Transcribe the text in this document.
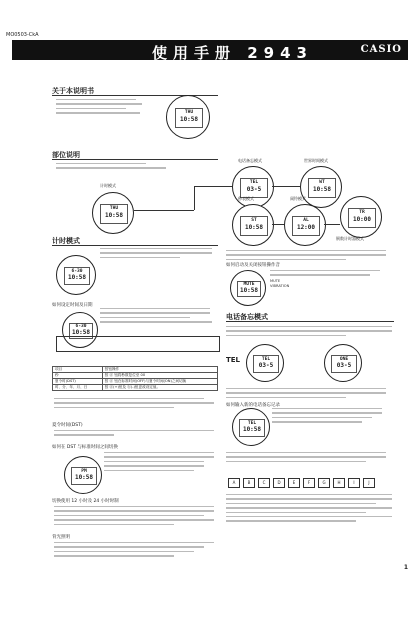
MO0503-CkA
使用手册 2943	CASIO
关于本说明书
THU
10:58
部位说明
THU
10:58
计时模式
TEL
03-5
电话备忘模式
WT
10:58
世界时间模式
TR
10:00
倒数计时器模式
ST
10:58
秒表模式
AL
12:00
闹铃模式
计时模式
6-30
10:58
如何设定时间及日期
6-30
10:58
项目	按钮操作
秒	按 ⓓ 钮将秒数复位至 00
夏令时(DST)	按 ⓓ 钮在标准时间(OFF)与夏令时间(ON)之间切换
时、分、年、月、日	按 ⓓ(+)钮及 ⓑ(-)钮更改设定值。
夏令时间(DST)
如何在 DST 与标准时间之间切换
PM
10:58
切换使用 12 小时及 24 小时时制
背光照明
如何启动及关闭按钮操作音
MUTE
10:58
MUTE
VIBRATION
电话备忘模式
TEL
03-5
TEL	ONE
03-5
如何输入新的电话备忘记录
TEL
10:58
A	B	C	D	E	F	G	H	I	J
1
